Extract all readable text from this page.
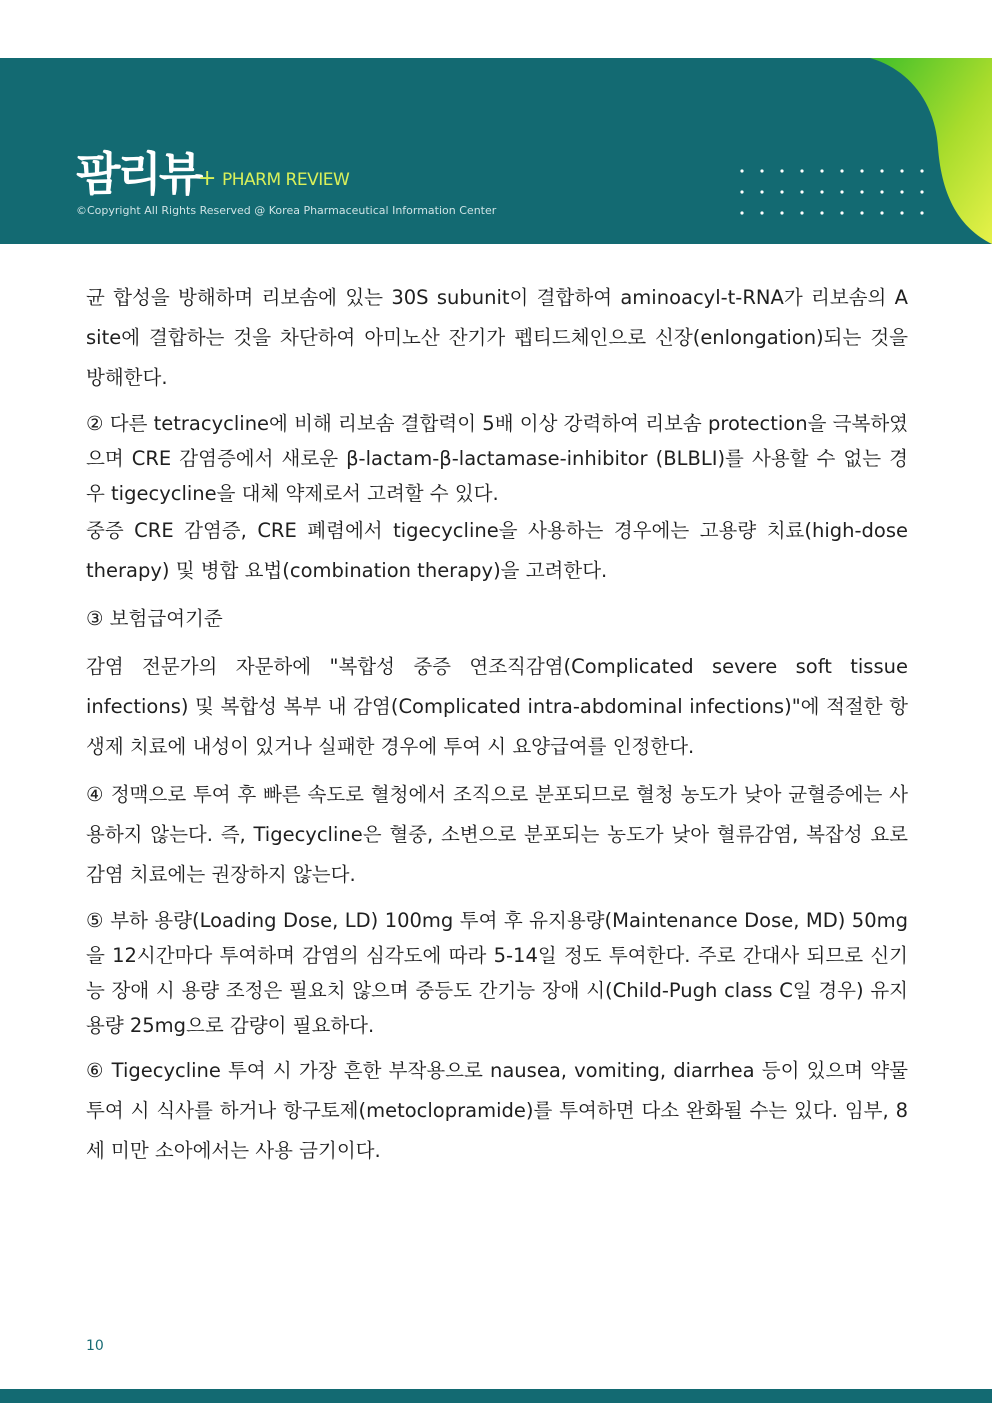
팜리뷰
+ PHARM REVIEW
©Copyright All Rights Reserved @ Korea Pharmaceutical Information Center

균 합성을 방해하며 리보솜에 있는 30S subunit이 결합하여 aminoacyl-t-RNA가 리보솜의 A site에 결합하는 것을 차단하여 아미노산 잔기가 펩티드체인으로 신장(enlongation)되는 것을 방해한다.

② 다른 tetracycline에 비해 리보솜 결합력이 5배 이상 강력하여 리보솜 protection을 극복하였으며 CRE 감염증에서 새로운 β-lactam-β-lactamase-inhibitor (BLBLI)를 사용할 수 없는 경우 tigecycline을 대체 약제로서 고려할 수 있다.

중증 CRE 감염증, CRE 폐렴에서 tigecycline을 사용하는 경우에는 고용량 치료(high-dose therapy) 및 병합 요법(combination therapy)을 고려한다.

③ 보험급여기준

감염 전문가의 자문하에 "복합성 중증 연조직감염(Complicated severe soft tissue infections) 및 복합성 복부 내 감염(Complicated intra-abdominal infections)"에 적절한 항생제 치료에 내성이 있거나 실패한 경우에 투여 시 요양급여를 인정한다.

④ 정맥으로 투여 후 빠른 속도로 혈청에서 조직으로 분포되므로 혈청 농도가 낮아 균혈증에는 사용하지 않는다. 즉, Tigecycline은 혈중, 소변으로 분포되는 농도가 낮아 혈류감염, 복잡성 요로감염 치료에는 권장하지 않는다.

⑤ 부하 용량(Loading Dose, LD) 100mg 투여 후 유지용량(Maintenance Dose, MD) 50mg을 12시간마다 투여하며 감염의 심각도에 따라 5-14일 정도 투여한다. 주로 간대사 되므로 신기능 장애 시 용량 조정은 필요치 않으며 중등도 간기능 장애 시(Child-Pugh class C일 경우) 유지용량 25mg으로 감량이 필요하다.

⑥ Tigecycline 투여 시 가장 흔한 부작용으로 nausea, vomiting, diarrhea 등이 있으며 약물 투여 시 식사를 하거나 항구토제(metoclopramide)를 투여하면 다소 완화될 수는 있다. 임부, 8세 미만 소아에서는 사용 금기이다.

10
